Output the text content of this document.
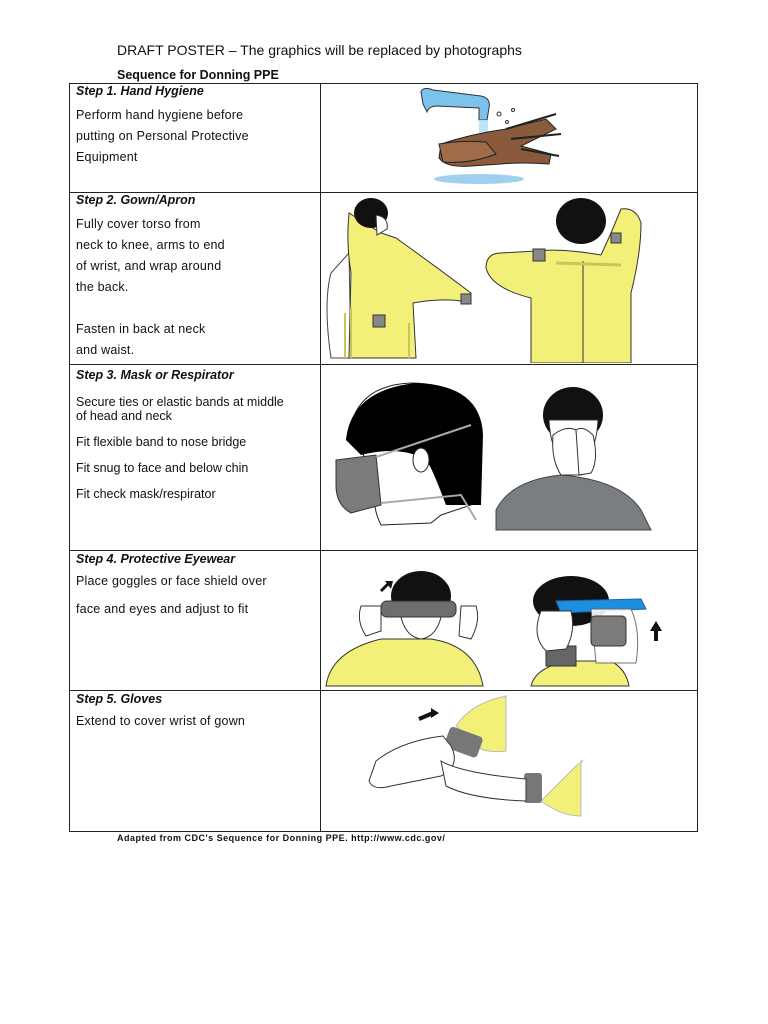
DRAFT POSTER – The graphics will be replaced by photographs
Sequence for Donning PPE
Step 1. Hand Hygiene
Perform hand hygiene before
putting on Personal Protective
Equipment

Step 2. Gown/Apron
Fully cover torso from
neck to knee, arms to end
of wrist, and wrap around
the back.
Fasten in back at neck
and waist.

Step 3. Mask or Respirator
Secure ties or elastic bands at middle
of head and neck
Fit flexible band to nose bridge
Fit snug to face and below chin
Fit check mask/respirator

Step 4. Protective Eyewear
Place goggles or face shield over
face and eyes and adjust to fit

Step 5. Gloves
Extend to cover wrist of gown

Adapted from CDC's Sequence for Donning PPE. http://www.cdc.gov/
